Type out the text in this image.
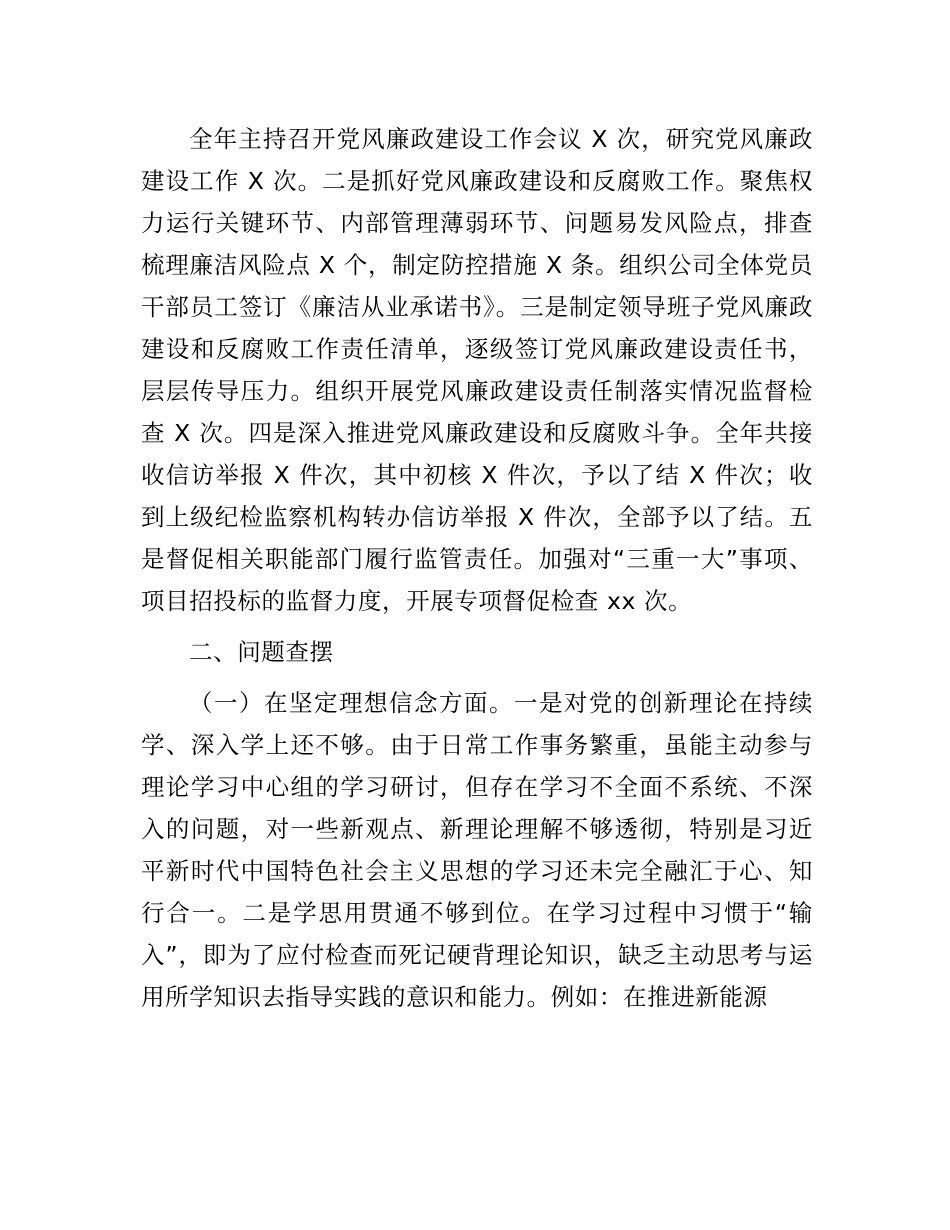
全年主持召开党风廉政建设工作会议 X 次，研究党风廉政建设工作 X 次。二是抓好党风廉政建设和反腐败工作。聚焦权力运行关键环节、内部管理薄弱环节、问题易发风险点，排查梳理廉洁风险点 X 个，制定防控措施 X 条。组织公司全体党员干部员工签订《廉洁从业承诺书》。三是制定领导班子党风廉政建设和反腐败工作责任清单，逐级签订党风廉政建设责任书，层层传导压力。组织开展党风廉政建设责任制落实情况监督检查 X 次。四是深入推进党风廉政建设和反腐败斗争。全年共接收信访举报 X 件次，其中初核 X 件次，予以了结 X 件次；收到上级纪检监察机构转办信访举报 X 件次，全部予以了结。五是督促相关职能部门履行监管责任。加强对“三重一大”事项、项目招投标的监督力度，开展专项督促检查 xx 次。

二、问题查摆

（一）在坚定理想信念方面。一是对党的创新理论在持续学、深入学上还不够。由于日常工作事务繁重，虽能主动参与理论学习中心组的学习研讨，但存在学习不全面不系统、不深入的问题，对一些新观点、新理论理解不够透彻，特别是习近平新时代中国特色社会主义思想的学习还未完全融汇于心、知行合一。二是学思用贯通不够到位。在学习过程中习惯于“输入”，即为了应付检查而死记硬背理论知识，缺乏主动思考与运用所学知识去指导实践的意识和能力。例如：在推进新能源
